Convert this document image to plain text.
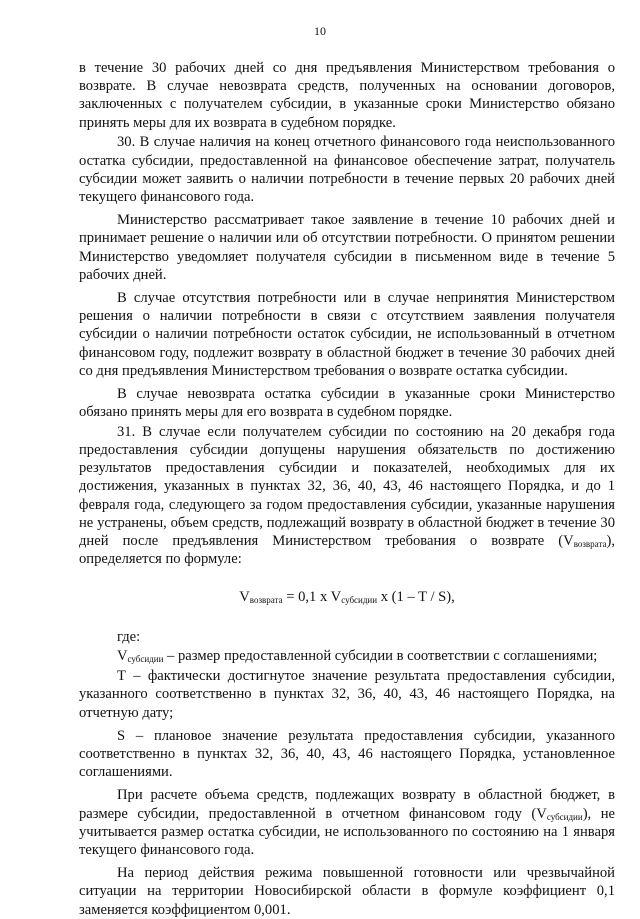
10

в течение 30 рабочих дней со дня предъявления Министерством требования о возврате. В случае невозврата средств, полученных на основании договоров, заключенных с получателем субсидии, в указанные сроки Министерство обязано принять меры для их возврата в судебном порядке.

30. В случае наличия на конец отчетного финансового года неиспользованного остатка субсидии, предоставленной на финансовое обеспечение затрат, получатель субсидии может заявить о наличии потребности в течение первых 20 рабочих дней текущего финансового года.

Министерство рассматривает такое заявление в течение 10 рабочих дней и принимает решение о наличии или об отсутствии потребности. О принятом решении Министерство уведомляет получателя субсидии в письменном виде в течение 5 рабочих дней.

В случае отсутствия потребности или в случае непринятия Министерством решения о наличии потребности в связи с отсутствием заявления получателя субсидии о наличии потребности остаток субсидии, не использованный в отчетном финансовом году, подлежит возврату в областной бюджет в течение 30 рабочих дней со дня предъявления Министерством требования о возврате остатка субсидии.

В случае невозврата остатка субсидии в указанные сроки Министерство обязано принять меры для его возврата в судебном порядке.

31. В случае если получателем субсидии по состоянию на 20 декабря года предоставления субсидии допущены нарушения обязательств по достижению результатов предоставления субсидии и показателей, необходимых для их достижения, указанных в пунктах 32, 36, 40, 43, 46 настоящего Порядка, и до 1 февраля года, следующего за годом предоставления субсидии, указанные нарушения не устранены, объем средств, подлежащий возврату в областной бюджет в течение 30 дней после предъявления Министерством требования о возврате $(V_{возврата})$, определяется по формуле:

$V_{возврата} = 0,1$ x $V_{субсидии}$ x (1 – T / S),

где:

$V_{субсидии}$ – размер предоставленной субсидии в соответствии с соглашениями;

Т – фактически достигнутое значение результата предоставления субсидии, указанного соответственно в пунктах 32, 36, 40, 43, 46 настоящего Порядка, на отчетную дату;

S – плановое значение результата предоставления субсидии, указанного соответственно в пунктах 32, 36, 40, 43, 46 настоящего Порядка, установленное соглашениями.

При расчете объема средств, подлежащих возврату в областной бюджет, в размере субсидии, предоставленной в отчетном финансовом году $(V_{субсидии})$, не учитывается размер остатка субсидии, не использованного по состоянию на 1 января текущего финансового года.

На период действия режима повышенной готовности или чрезвычайной ситуации на территории Новосибирской области в формуле коэффициент 0,1 заменяется коэффициентом 0,001.
